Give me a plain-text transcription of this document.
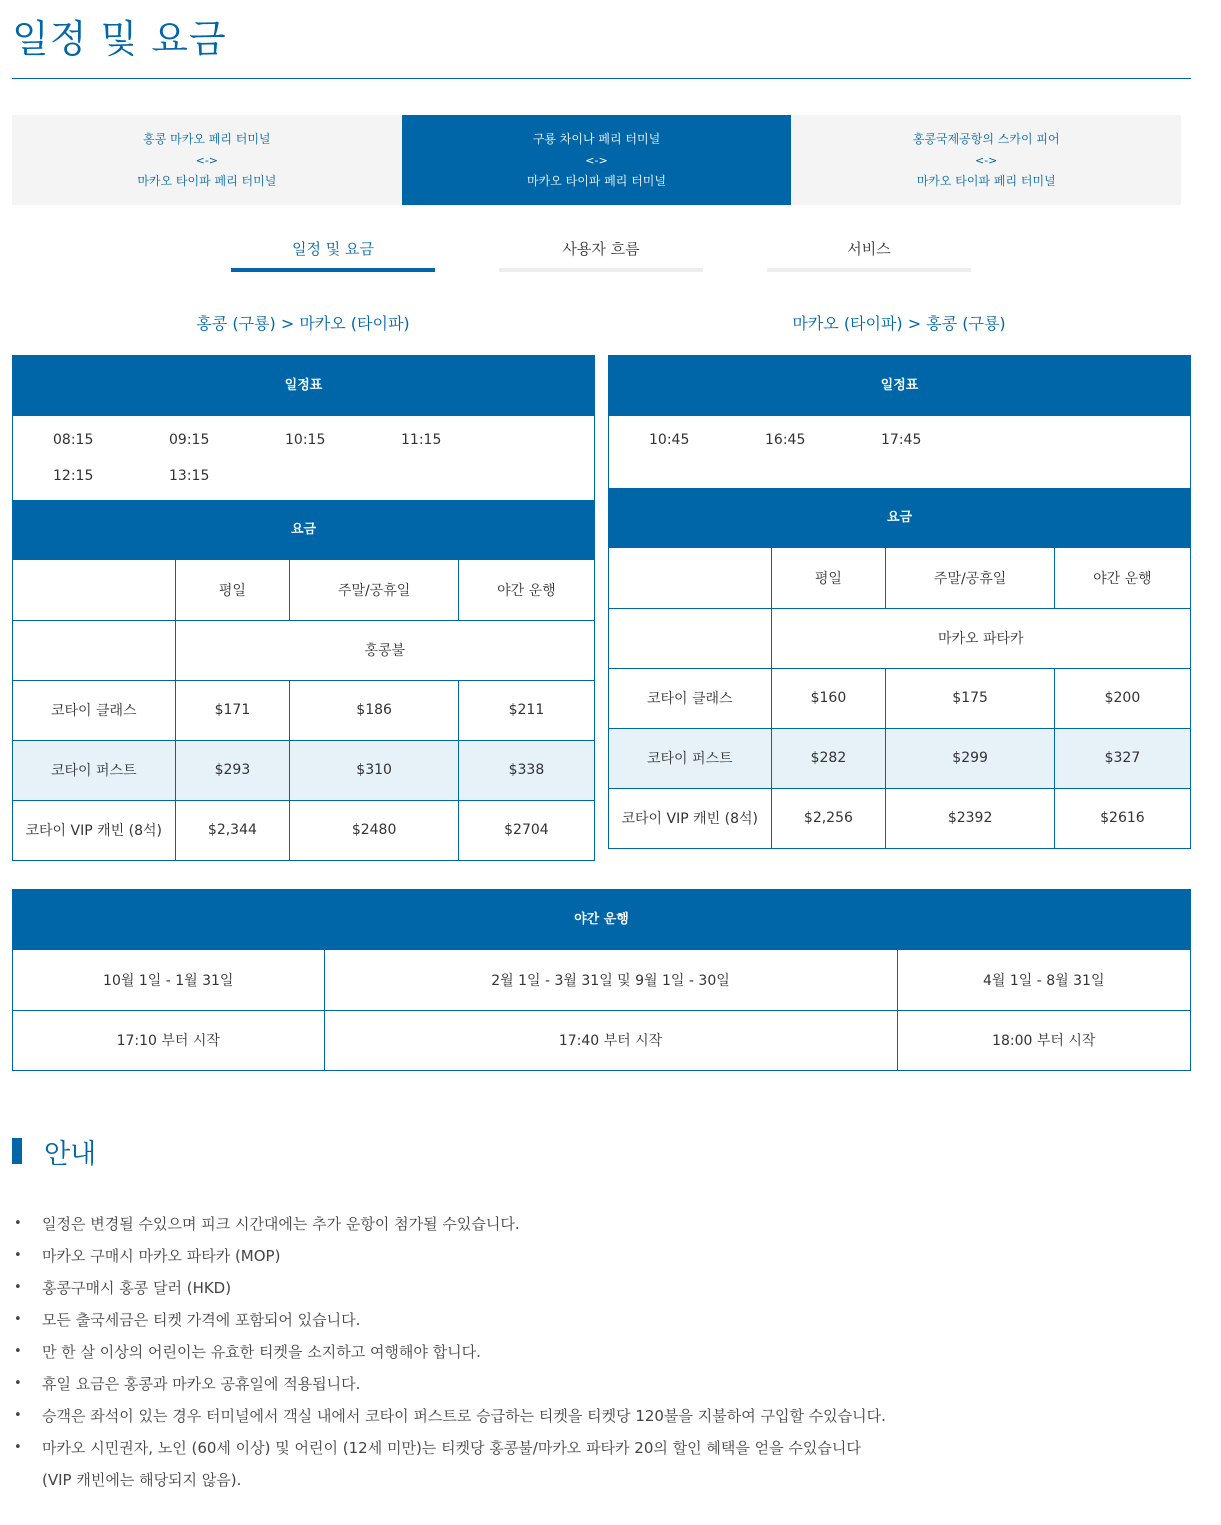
일정 및 요금
홍콩 마카오 페리 터미널
<->
마카오 타이파 페리 터미널
구룡 차이나 페리 터미널
<->
마카오 타이파 페리 터미널
홍콩국제공항의 스카이 피어
<->
마카오 타이파 페리 터미널
일정 및 요금	사용자 흐름	서비스
홍콩 (구룡) > 마카오 (타이파)	마카오 (타이파) > 홍콩 (구룡)
일정표
08:15	09:15	10:15	11:15
12:15	13:15
요금
	평일	주말/공휴일	야간 운행
	홍콩불		
코타이 클래스	$171	$186	$211
코타이 퍼스트	$293	$310	$338
코타이 VIP 캐빈 (8석)	$2,344	$2480	$2704
일정표
10:45	16:45	17:45
요금
	평일	주말/공휴일	야간 운행
	마카오 파타카		
코타이 클래스	$160	$175	$200
코타이 퍼스트	$282	$299	$327
코타이 VIP 캐빈 (8석)	$2,256	$2392	$2616
야간 운행
10월 1일 - 1월 31일	2월 1일 - 3월 31일 및 9월 1일 - 30일	4월 1일 - 8월 31일
17:10 부터 시작	17:40 부터 시작	18:00 부터 시작
안내
• 일정은 변경될 수있으며 피크 시간대에는 추가 운항이 첨가될 수있습니다.
• 마카오 구매시 마카오 파타카 (MOP)
• 홍콩구매시 홍콩 달러 (HKD)
• 모든 출국세금은 티켓 가격에 포함되어 있습니다.
• 만 한 살 이상의 어린이는 유효한 티켓을 소지하고 여행해야 합니다.
• 휴일 요금은 홍콩과 마카오 공휴일에 적용됩니다.
• 승객은 좌석이 있는 경우 터미널에서 객실 내에서 코타이 퍼스트로 승급하는 티켓을 티켓당 120불을 지불하여 구입할 수있습니다.
• 마카오 시민권자, 노인 (60세 이상) 및 어린이 (12세 미만)는 티켓당 홍콩불/마카오 파타카 20의 할인 혜택을 얻을 수있습니다
(VIP 캐빈에는 해당되지 않음).
